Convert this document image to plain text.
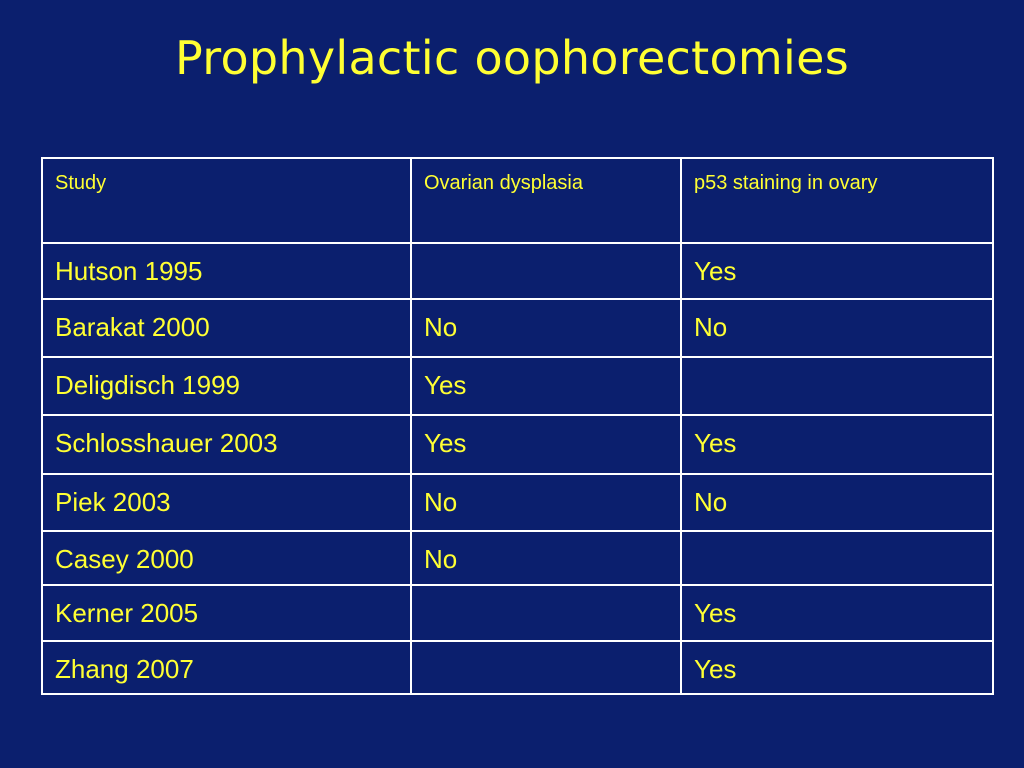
Prophylactic oophorectomies
Study	Ovarian dysplasia	p53 staining in ovary
Hutson 1995		Yes
Barakat 2000	No	No
Deligdisch 1999	Yes	
Schlosshauer 2003	Yes	Yes
Piek 2003	No	No
Casey 2000	No	
Kerner 2005		Yes
Zhang 2007		Yes
